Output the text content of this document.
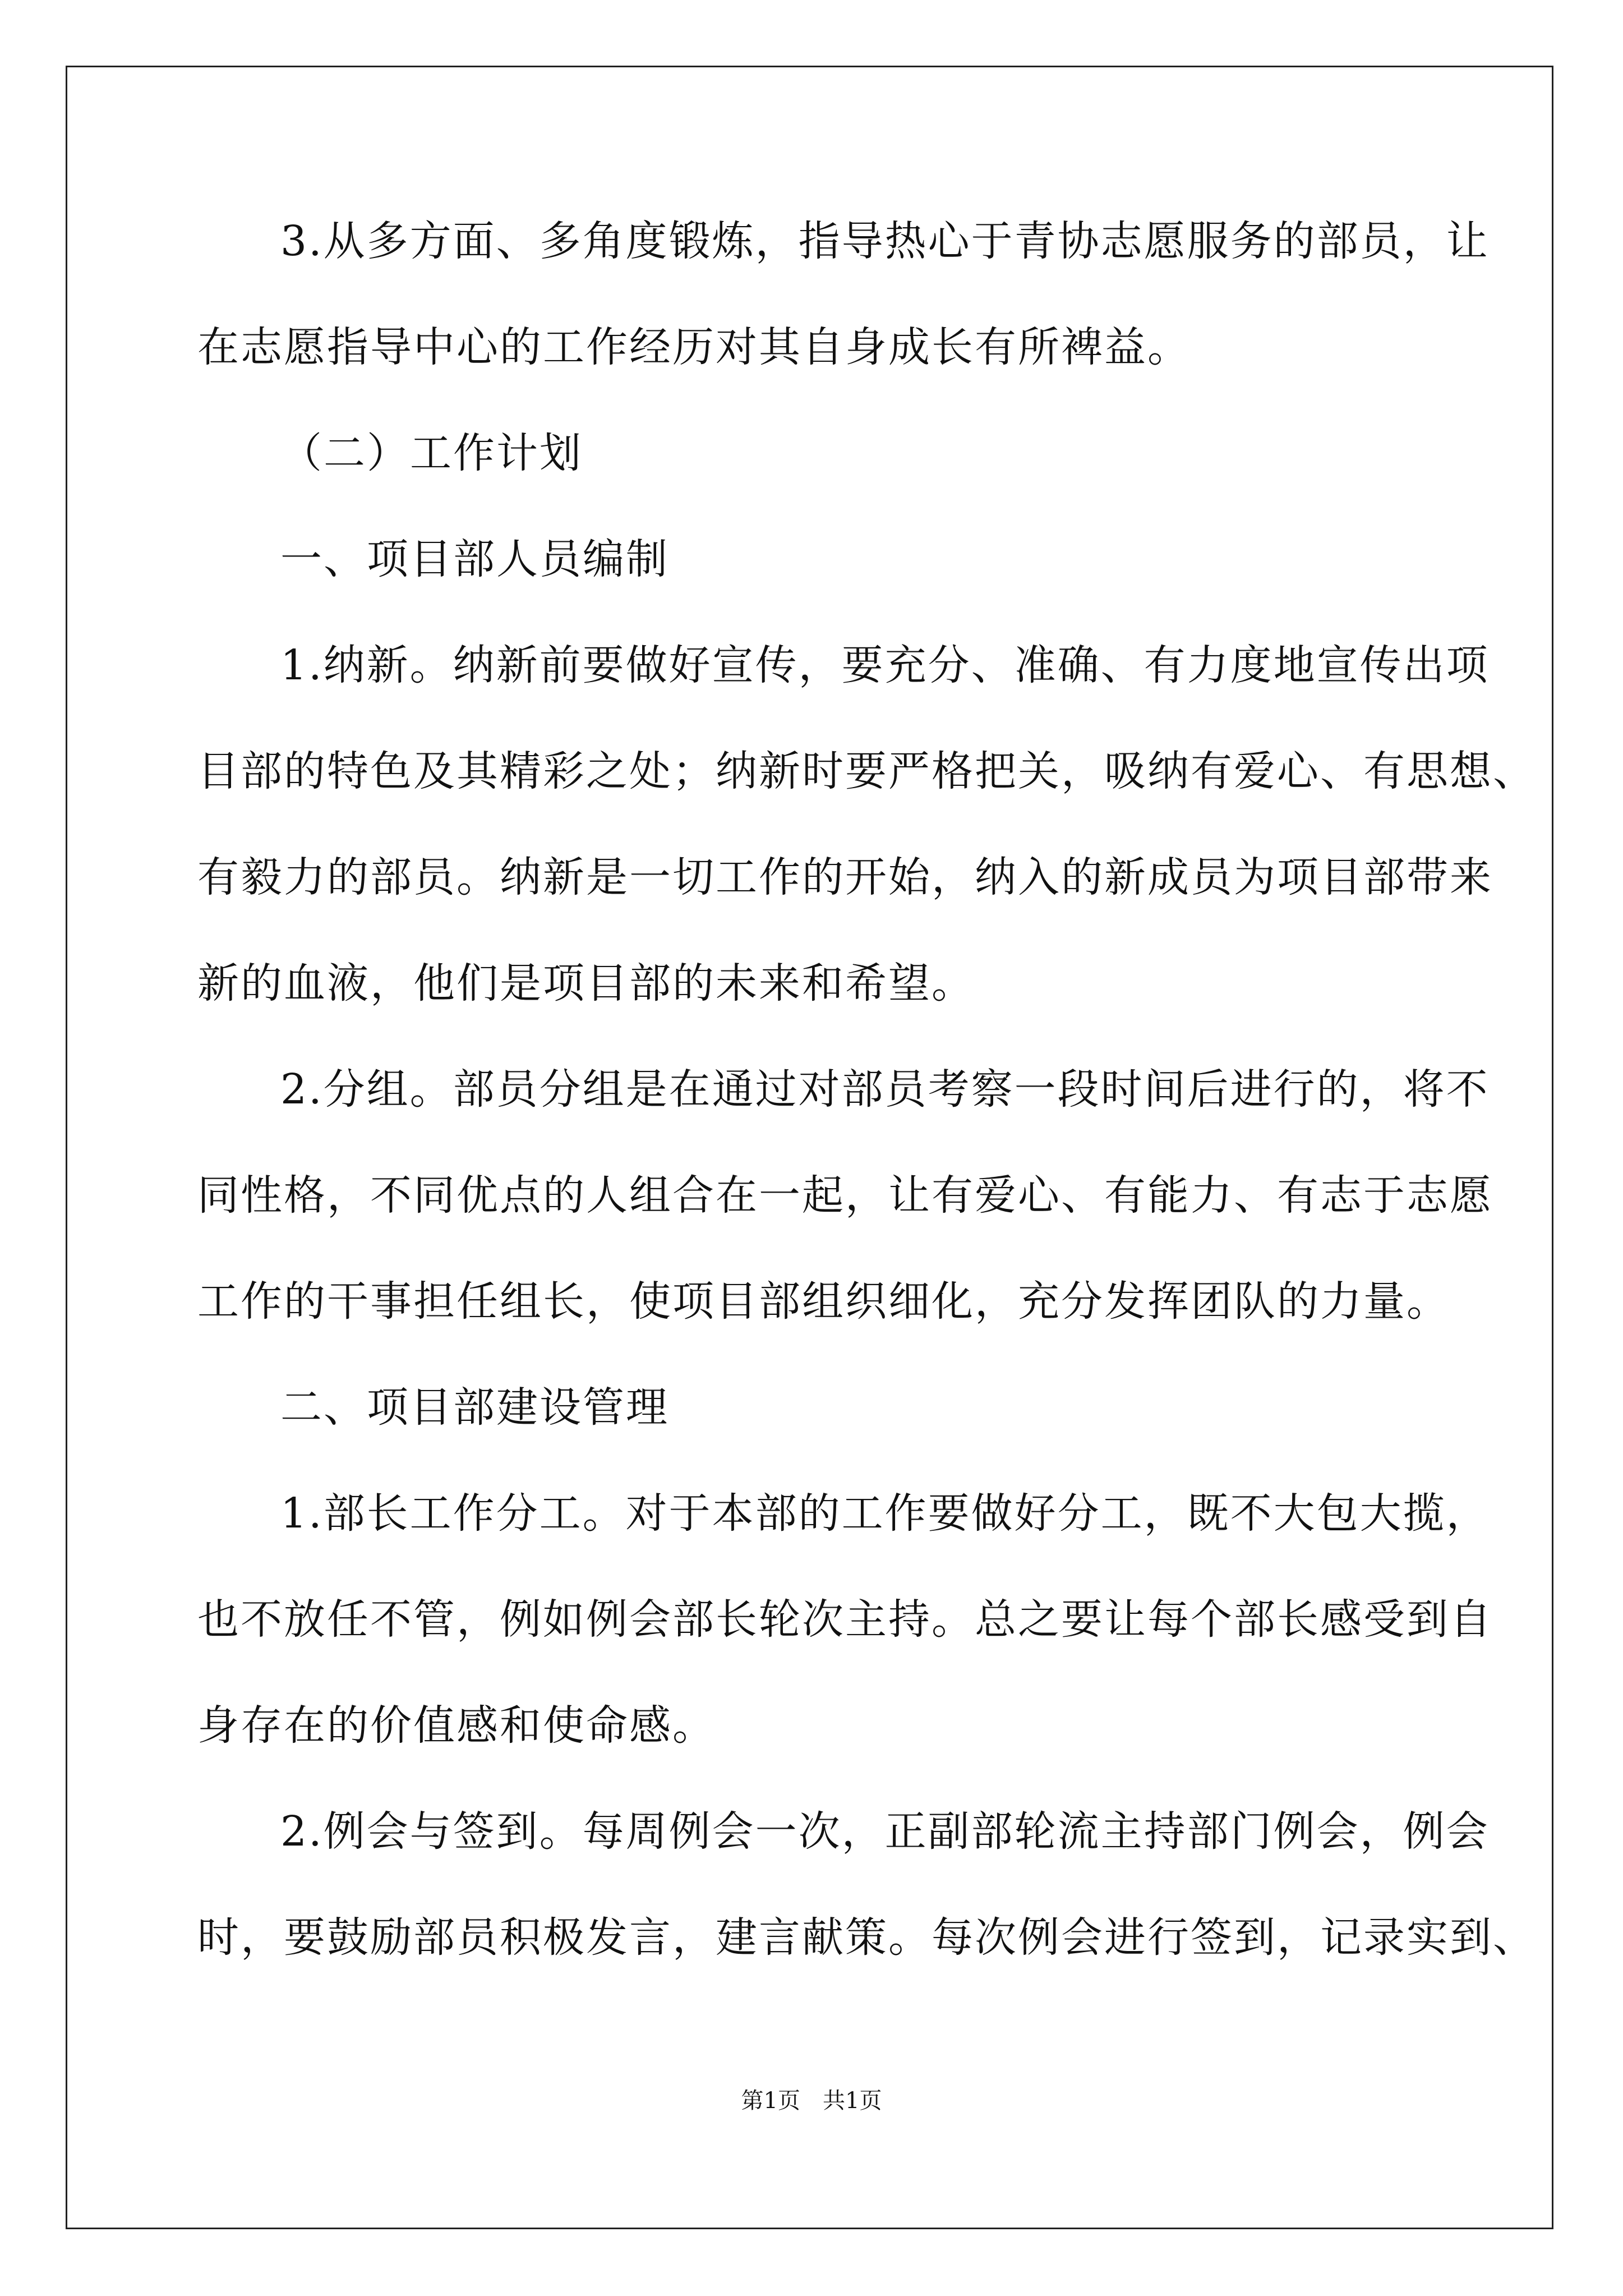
3.从多方面、多角度锻炼，指导热心于青协志愿服务的部员，让
在志愿指导中心的工作经历对其自身成长有所裨益。
（二）工作计划
一、项目部人员编制
1.纳新。纳新前要做好宣传，要充分、准确、有力度地宣传出项
目部的特色及其精彩之处；纳新时要严格把关，吸纳有爱心、有思想、
有毅力的部员。纳新是一切工作的开始，纳入的新成员为项目部带来
新的血液，他们是项目部的未来和希望。
2.分组。部员分组是在通过对部员考察一段时间后进行的，将不
同性格，不同优点的人组合在一起，让有爱心、有能力、有志于志愿
工作的干事担任组长，使项目部组织细化，充分发挥团队的力量。
二、项目部建设管理
1.部长工作分工。对于本部的工作要做好分工，既不大包大揽，
也不放任不管，例如例会部长轮次主持。总之要让每个部长感受到自
身存在的价值感和使命感。
2.例会与签到。每周例会一次，正副部轮流主持部门例会，例会
时，要鼓励部员积极发言，建言献策。每次例会进行签到，记录实到、
第1页　共1页
